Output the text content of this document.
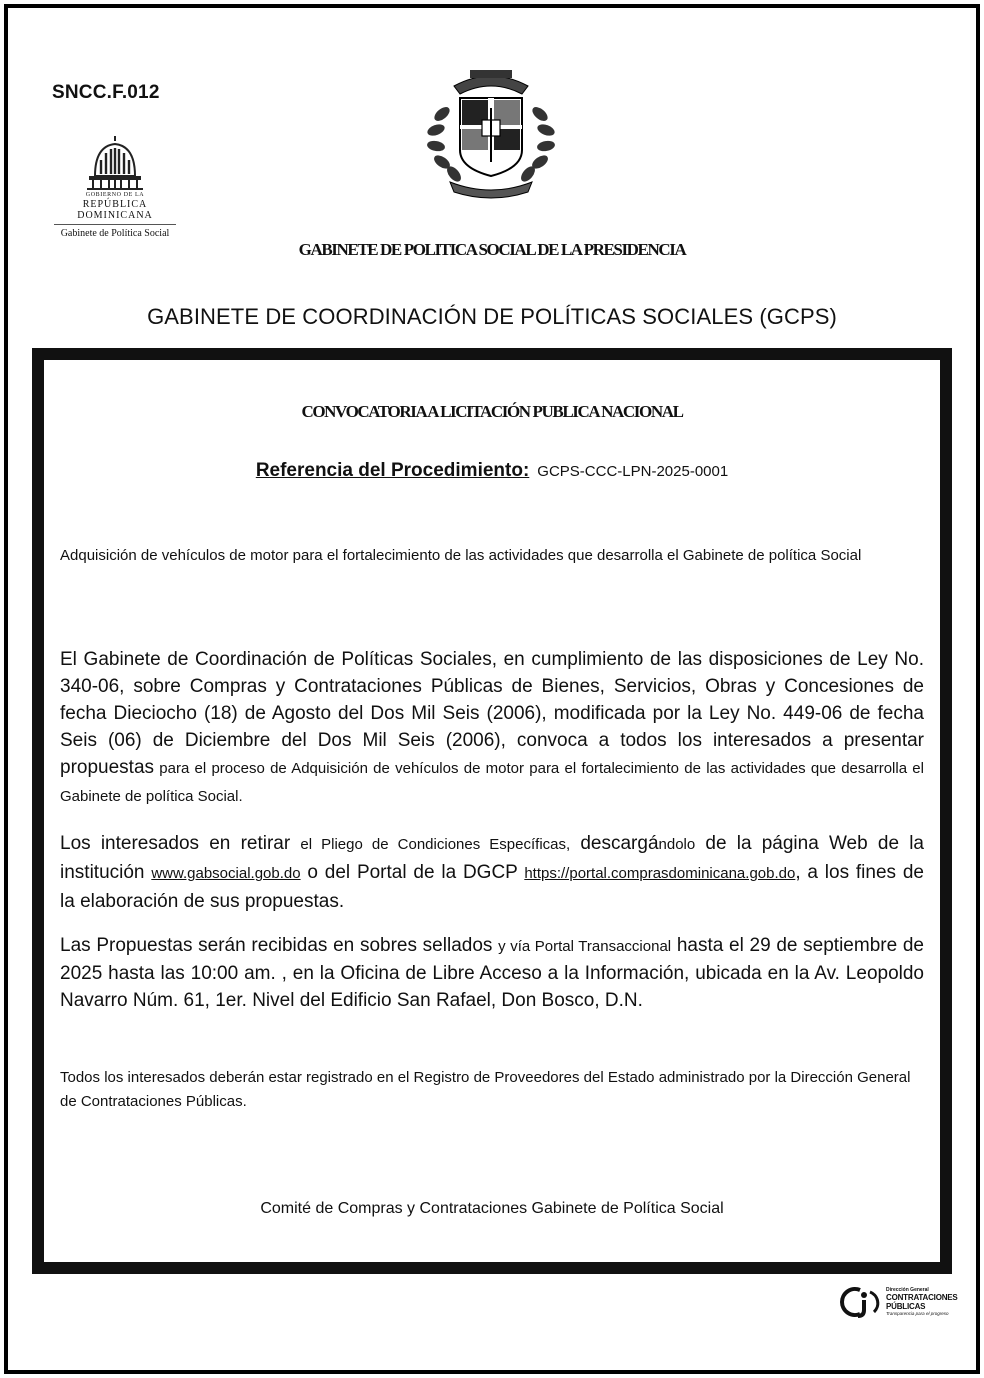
SNCC.F.012
GOBIERNO DE LA
REPÚBLICA DOMINICANA
Gabinete de Política Social
GABINETE DE POLITICA SOCIAL DE LA PRESIDENCIA
GABINETE DE COORDINACIÓN DE POLÍTICAS SOCIALES (GCPS)
CONVOCATORIA A LICITACIÓN PUBLICA NACIONAL
Referencia del Procedimiento: GCPS-CCC-LPN-2025-0001
Adquisición de vehículos de motor para el fortalecimiento de las actividades que desarrolla el Gabinete de política Social
El Gabinete de Coordinación de Políticas Sociales, en cumplimiento de las disposiciones de Ley No. 340-06, sobre Compras y Contrataciones Públicas de Bienes, Servicios, Obras y Concesiones de fecha Dieciocho (18) de Agosto del Dos Mil Seis (2006), modificada por la Ley No. 449-06 de fecha Seis (06) de Diciembre del Dos Mil Seis (2006), convoca a todos los interesados a presentar propuestas para el proceso de Adquisición de vehículos de motor para el fortalecimiento de las actividades que desarrolla el Gabinete de política Social.
Los interesados en retirar el Pliego de Condiciones Específicas, descargándolo de la página Web de la institución www.gabsocial.gob.do o del Portal de la DGCP https://portal.comprasdominicana.gob.do, a los fines de la elaboración de sus propuestas.
Las Propuestas serán recibidas en sobres sellados y vía Portal Transaccional hasta el 29 de septiembre de 2025 hasta las 10:00 am. , en la Oficina de Libre Acceso a la Información, ubicada en la Av. Leopoldo Navarro Núm. 61, 1er. Nivel del Edificio San Rafael, Don Bosco, D.N.
Todos los interesados deberán estar registrado en el Registro de Proveedores del Estado administrado por la Dirección General de Contrataciones Públicas.
Comité de Compras y Contrataciones Gabinete de Política Social
Dirección General
CONTRATACIONES
PÚBLICAS
Transparencia para el progreso
